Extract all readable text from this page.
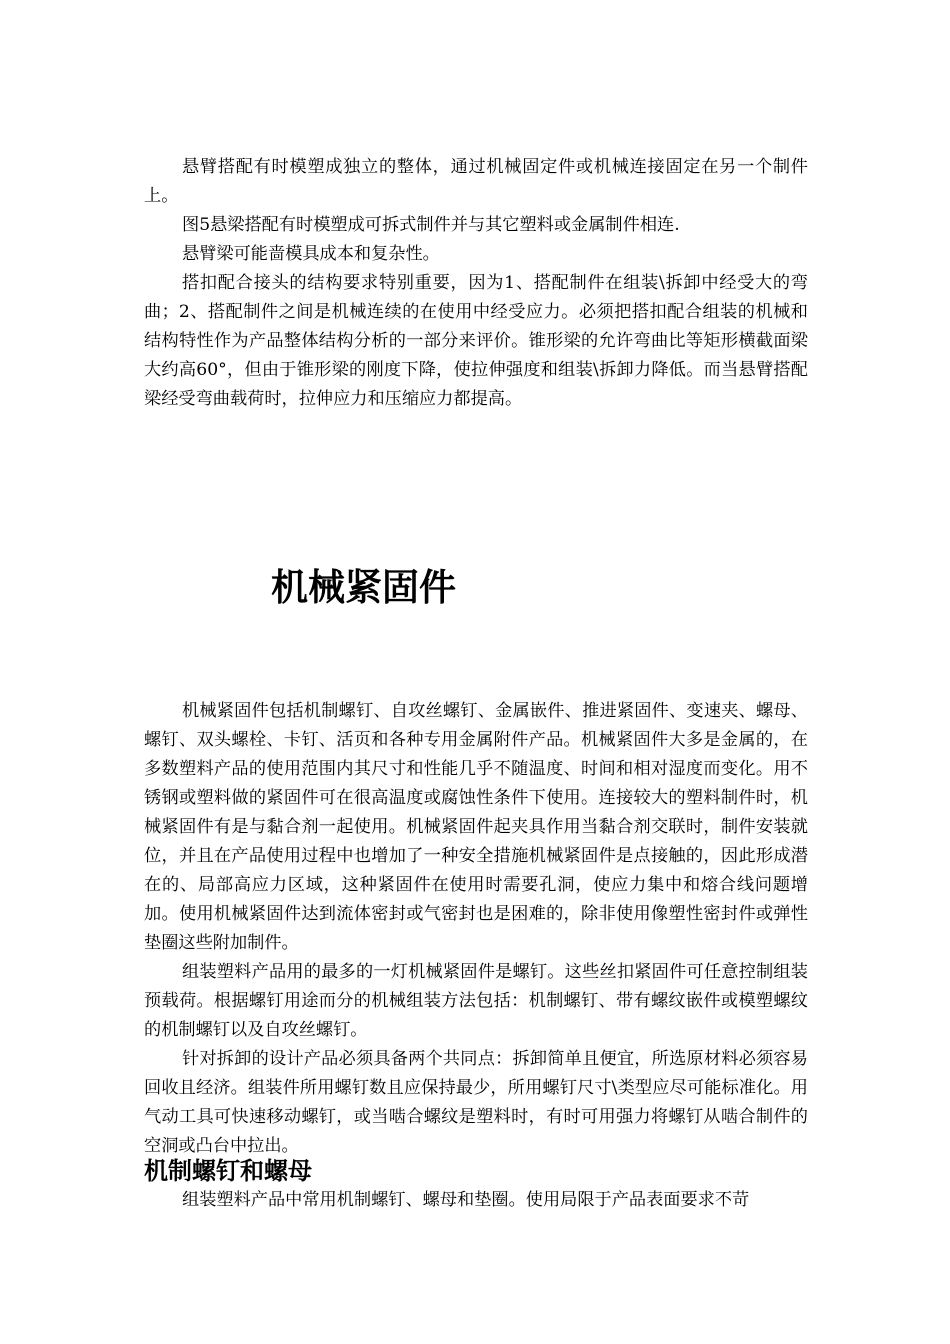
悬臂搭配有时模塑成独立的整体，通过机械固定件或机械连接固定在另一个制件上。

图5悬梁搭配有时模塑成可拆式制件并与其它塑料或金属制件相连.

悬臂梁可能啬模具成本和复杂性。

搭扣配合接头的结构要求特别重要，因为1、搭配制件在组装\拆卸中经受大的弯曲；2、搭配制件之间是机械连续的在使用中经受应力。必须把搭扣配合组装的机械和结构特性作为产品整体结构分析的一部分来评价。锥形梁的允许弯曲比等矩形横截面梁大约高60°，但由于锥形梁的刚度下降，使拉伸强度和组装\拆卸力降低。而当悬臂搭配梁经受弯曲载荷时，拉伸应力和压缩应力都提高。

机械紧固件

机械紧固件包括机制螺钉、自攻丝螺钉、金属嵌件、推进紧固件、变速夹、螺母、螺钉、双头螺栓、卡钉、活页和各种专用金属附件产品。机械紧固件大多是金属的，在多数塑料产品的使用范围内其尺寸和性能几乎不随温度、时间和相对湿度而变化。用不锈钢或塑料做的紧固件可在很高温度或腐蚀性条件下使用。连接较大的塑料制件时，机械紧固件有是与黏合剂一起使用。机械紧固件起夹具作用当黏合剂交联时，制件安装就位，并且在产品使用过程中也增加了一种安全措施机械紧固件是点接触的，因此形成潜在的、局部高应力区域，这种紧固件在使用时需要孔洞，使应力集中和熔合线问题增加。使用机械紧固件达到流体密封或气密封也是困难的，除非使用像塑性密封件或弹性垫圈这些附加制件。

组装塑料产品用的最多的一灯机械紧固件是螺钉。这些丝扣紧固件可任意控制组装预载荷。根据螺钉用途而分的机械组装方法包括：机制螺钉、带有螺纹嵌件或模塑螺纹的机制螺钉以及自攻丝螺钉。

针对拆卸的设计产品必须具备两个共同点：拆卸简单且便宜，所选原材料必须容易回收且经济。组装件所用螺钉数且应保持最少，所用螺钉尺寸\类型应尽可能标准化。用气动工具可快速移动螺钉，或当啮合螺纹是塑料时，有时可用强力将螺钉从啮合制件的空洞或凸台中拉出。

机制螺钉和螺母

组装塑料产品中常用机制螺钉、螺母和垫圈。使用局限于产品表面要求不苛
